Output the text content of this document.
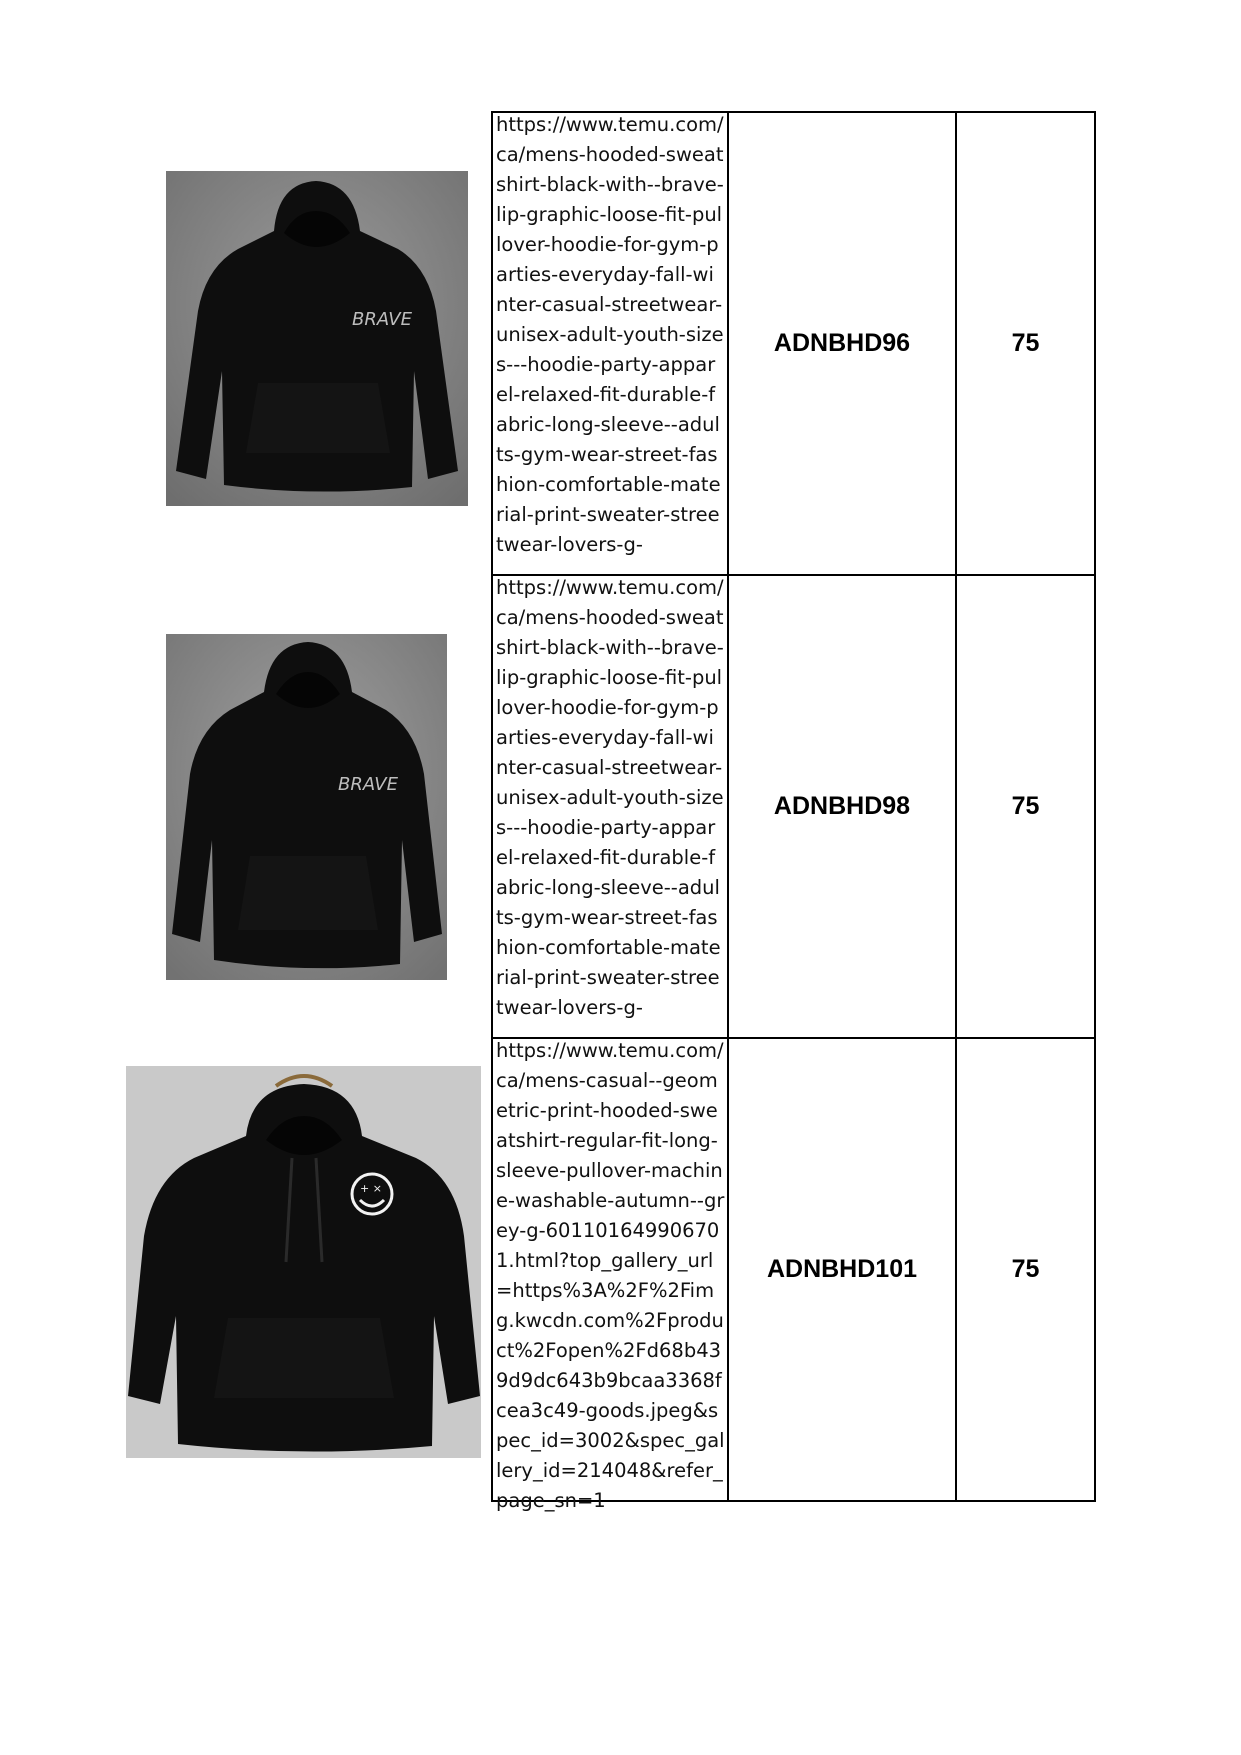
BRAVE
BRAVE
+ ×
https://www.temu.com/ca/mens-hooded-sweatshirt-black-with--brave-lip-graphic-loose-fit-pullover-hoodie-for-gym-parties-everyday-fall-winter-casual-streetwear-unisex-adult-youth-sizes---hoodie-party-apparel-relaxed-fit-durable-fabric-long-sleeve--adults-gym-wear-street-fashion-comfortable-material-print-sweater-streetwear-lovers-g-	ADNBHD96	75

https://www.temu.com/ca/mens-hooded-sweatshirt-black-with--brave-lip-graphic-loose-fit-pullover-hoodie-for-gym-parties-everyday-fall-winter-casual-streetwear-unisex-adult-youth-sizes---hoodie-party-apparel-relaxed-fit-durable-fabric-long-sleeve--adults-gym-wear-street-fashion-comfortable-material-print-sweater-streetwear-lovers-g-	ADNBHD98	75

https://www.temu.com/ca/mens-casual--geometric-print-hooded-sweatshirt-regular-fit-long-sleeve-pullover-machine-washable-autumn--grey-g-601101649906701.html?top_gallery_url=https%3A%2F%2Fimg.kwcdn.com%2Fproduct%2Fopen%2Fd68b439d9dc643b9bcaa3368fcea3c49-goods.jpeg&spec_id=3002&spec_gallery_id=214048&refer_page_sn=1	ADNBHD101	75
